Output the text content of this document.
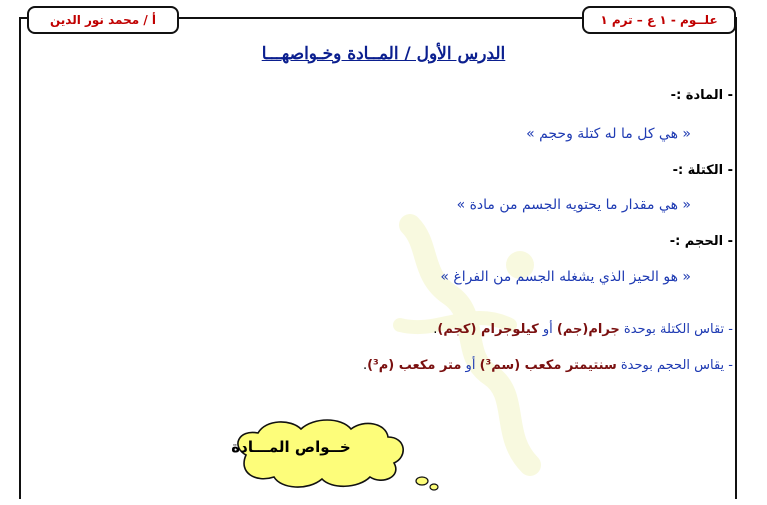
علــوم - ١ ع – ترم ١
أ / محمد نور الدين
الدرس الأول / المــادة وخـواصهـــا
- المادة :-
« هي كل ما له كتلة وحجم »
- الكتلة :-
« هي مقدار ما يحتويه الجسم من مادة »
- الحجم :-
« هو الحيز الذي يشغله الجسم من الفراغ »
- تقاس الكتلة بوحدة جرام(جم) أو كيلوجرام (كجم).
- يقاس الحجم بوحدة سنتيمتر مكعب (سم³) أو متر مكعب (م³).
خــواص المـــادة
